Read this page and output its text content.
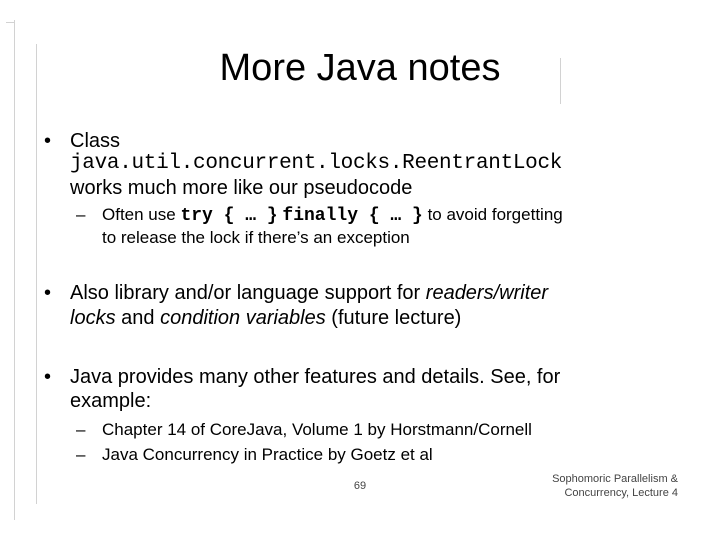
More Java notes
• Class
java.util.concurrent.locks.ReentrantLock
works much more like our pseudocode
– Often use try { … } finally { … } to avoid forgetting
to release the lock if there’s an exception
• Also library and/or language support for readers/writer
locks and condition variables (future lecture)
• Java provides many other features and details. See, for
example:
– Chapter 14 of CoreJava, Volume 1 by Horstmann/Cornell
– Java Concurrency in Practice by Goetz et al
69
Sophomoric Parallelism &
Concurrency, Lecture 4
